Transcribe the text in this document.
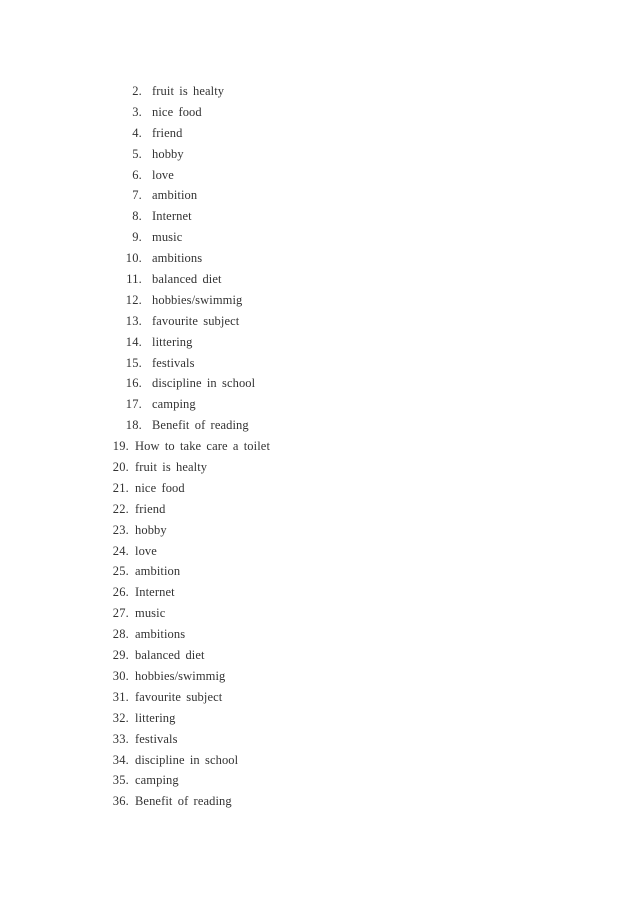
2. fruit is healty
3. nice food
4. friend
5. hobby
6. love
7. ambition
8. Internet
9. music
10. ambitions
11. balanced diet
12. hobbies/swimmig
13. favourite subject
14. littering
15. festivals
16. discipline in school
17. camping
18. Benefit of reading
19. How to take care a toilet
20. fruit is healty
21. nice food
22. friend
23. hobby
24. love
25. ambition
26. Internet
27. music
28. ambitions
29. balanced diet
30. hobbies/swimmig
31. favourite subject
32. littering
33. festivals
34. discipline in school
35. camping
36. Benefit of reading
